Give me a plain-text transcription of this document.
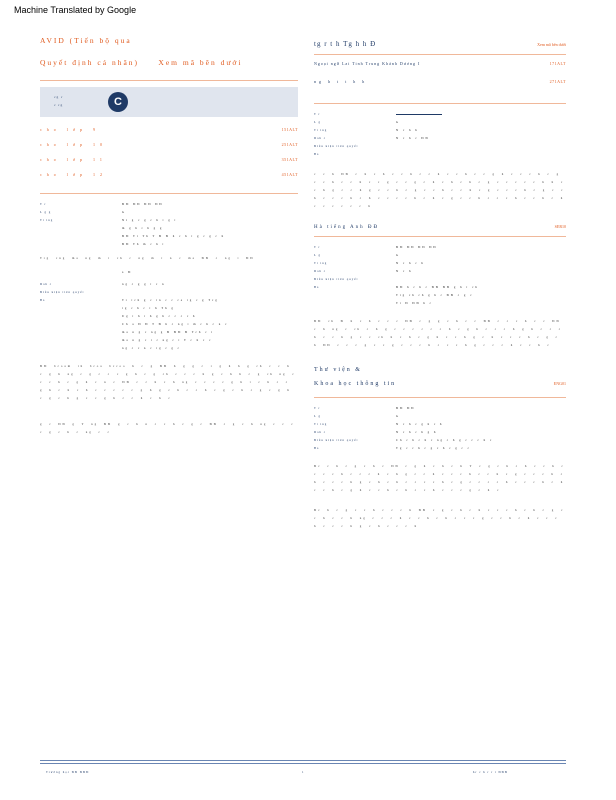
Machine Translated by Google
AVID (Tiến bộ qua
Quyết định cá nhân)	Xem mã bên dưới
cg r
c rg	C
cho lớp 9	151ALT
cho lớp 10	251ALT
cho lớp 11	351ALT
cho lớp 12	451ALT
T r	ĐĐ ĐĐ ĐĐ ĐĐ
L g g	G
Tt ing	Ni g c g c h t g t
m g h r h g g
ĐĐ Tt Th T Đ Đ h c h t g c g c h
ĐĐ Th m c h t
Trg cng ma ng m t ch c ng m t n c ma ĐĐ c ng t ĐĐ
a Đ
Dah c	ng c g g t c n
Điều kiện tiên quyết
Ba	Tr tch g c tn c c ca tg c g Tcg
tg c h c t h Th g
Ug t h t h g h c c c c h
Ch a Đ Đ T Đ h c ng t m c h c n c
ma n g c ng g Đ ĐĐ Đ Tch c t
ma n g c t c ng c t T c h c c
ng c c n c tg c g c
ĐĐ bcoam th bcoa bccoo h c g ĐĐ h g g c r g h h g ch c c h c g h ng c g c c c g h c g ch c c c h g c h h c g ch ng c c c h c g h c n c ĐĐ c c h c h ng c c c c g h t c h c c g h c h c h c c c c c g h g c h c c h c g c h c g c g h c g c h g c c g h c c h c h c
g c ĐĐ g T ng ĐĐ g c h n c c h c g c ĐĐ c g c h ng c c c c g c h c ng c c
tg r t h Tg h h Đ	Xem mã bên dưới
Ngoại ngữ Lai Tinh Trung Khánh Dương I	171ALT
ng h t t h h	271ALT
T r
L g	G
Tt ing	N c h h
Dah c	N c h c ĐĐ
Điều kiện tiên quyết
Ba
c c h ĐĐ c h c h c c h c c h c c h c c g h c c c h c g c c h c c h c c g c c g c h c h c h c g c c c c c h h c c h g c c h g c c h c g c c h c c h c g c c c h c g c c h c c c h c h c c c c h c h c g c c h c c c h c c h c h c c c c c c h
Hà tiếng Anh ĐĐ	SER10
T r	ĐĐ ĐĐ ĐĐ ĐĐ
L g	G
Tt ing	N c h c h
Dah c	N c h
Điều kiện tiên quyết
Ba	ĐĐ h c h c ĐĐ ĐĐ g h t ch
Ttg ch ch g h c ĐĐ c g c
Tt Đ ĐĐ h c
ĐĐ ch Đ h c h c c c ĐĐ c g g c h c c ĐĐ c c c h c c ĐĐ c h ng c ch c h g c c c c c c h c g h c c c h g h c c c h c c h g c c ch h c h c g h c c h g c h c c c h c g c h ĐĐ c c c g c c g c c c h c c c h g c c c h c c h c
Thư viện &
Khoa học thông tin	ENG01
T r	ĐĐ ĐĐ
L g	G
Tt ing	N c h c g h c h
Dah c	N c h c h g h
Điều kiện tiên quyết	Ch c h c h c ng c h g c c c h c
Ba	Tg c c h c g c h c g c c
Đc c h c g c h c ĐĐ c g h c h c h T c g c h c h c c h c c c c h c c c h c h g c c h c c c h c c h c g c c c h c h c c c h g c h c h c c c c h c g c c c c h c c c h c h c c h c g h c c h c h c c h c c c g c h c
Đc h c g c c h c c c h ĐĐ c g c h c h c c c h c h c g c c h c c h ng c c c h c c h c h c c c g c c h c h c c c h c c c h g c h c c c h
Trường học ĐĐ ĐĐĐ	1	hr c h r r t ĐĐĐ
